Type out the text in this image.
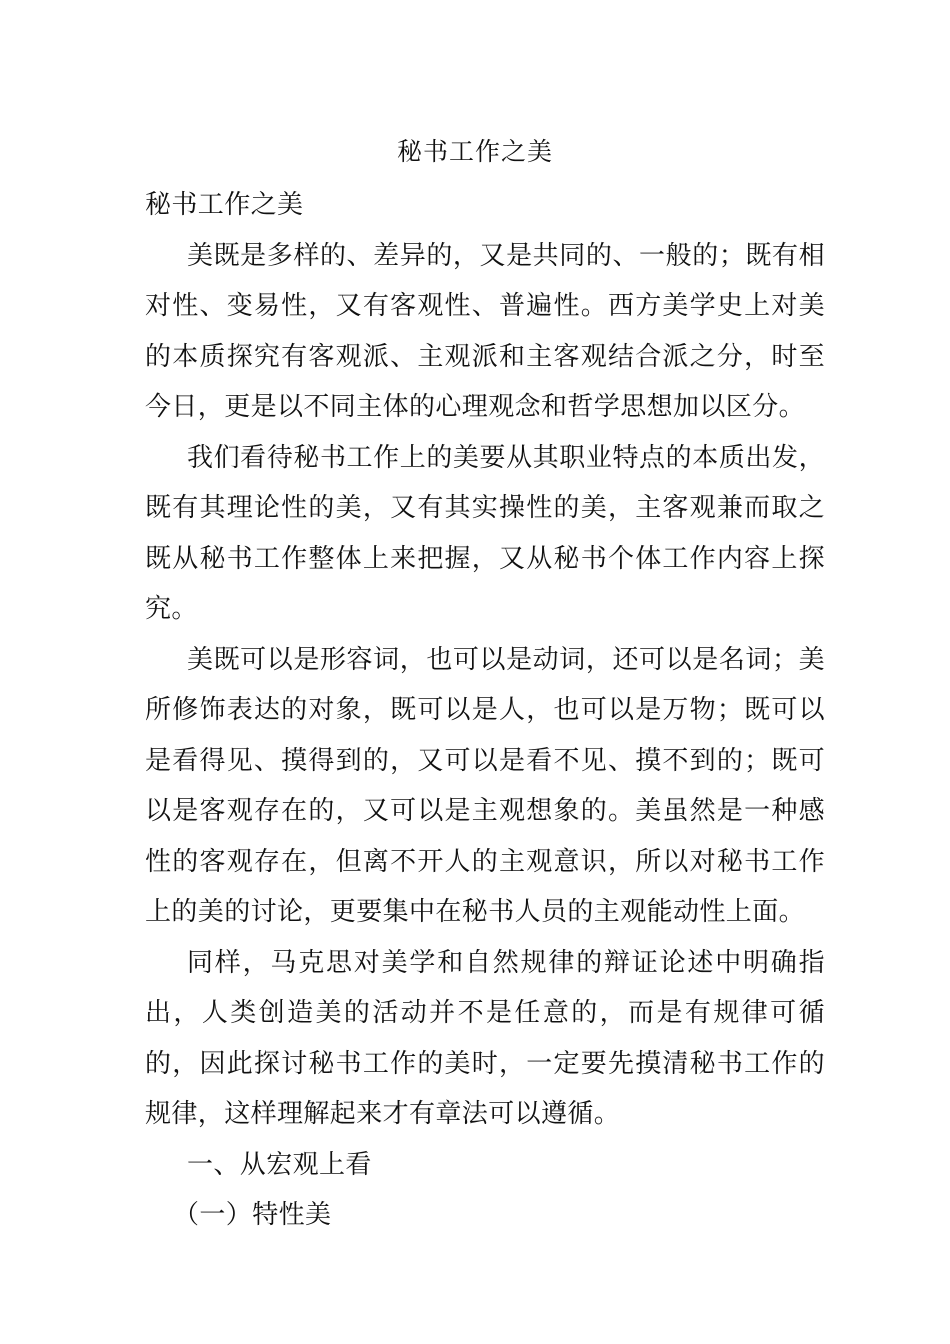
秘书工作之美

秘书工作之美

美既是多样的、差异的，又是共同的、一般的；既有相对性、变易性，又有客观性、普遍性。西方美学史上对美的本质探究有客观派、主观派和主客观结合派之分，时至今日，更是以不同主体的心理观念和哲学思想加以区分。

我们看待秘书工作上的美要从其职业特点的本质出发，既有其理论性的美，又有其实操性的美，主客观兼而取之既从秘书工作整体上来把握，又从秘书个体工作内容上探究。

美既可以是形容词，也可以是动词，还可以是名词；美所修饰表达的对象，既可以是人，也可以是万物；既可以是看得见、摸得到的，又可以是看不见、摸不到的；既可以是客观存在的，又可以是主观想象的。美虽然是一种感性的客观存在，但离不开人的主观意识，所以对秘书工作上的美的讨论，更要集中在秘书人员的主观能动性上面。

同样，马克思对美学和自然规律的辩证论述中明确指出，人类创造美的活动并不是任意的，而是有规律可循的，因此探讨秘书工作的美时，一定要先摸清秘书工作的规律，这样理解起来才有章法可以遵循。

一、从宏观上看

（一）特性美
